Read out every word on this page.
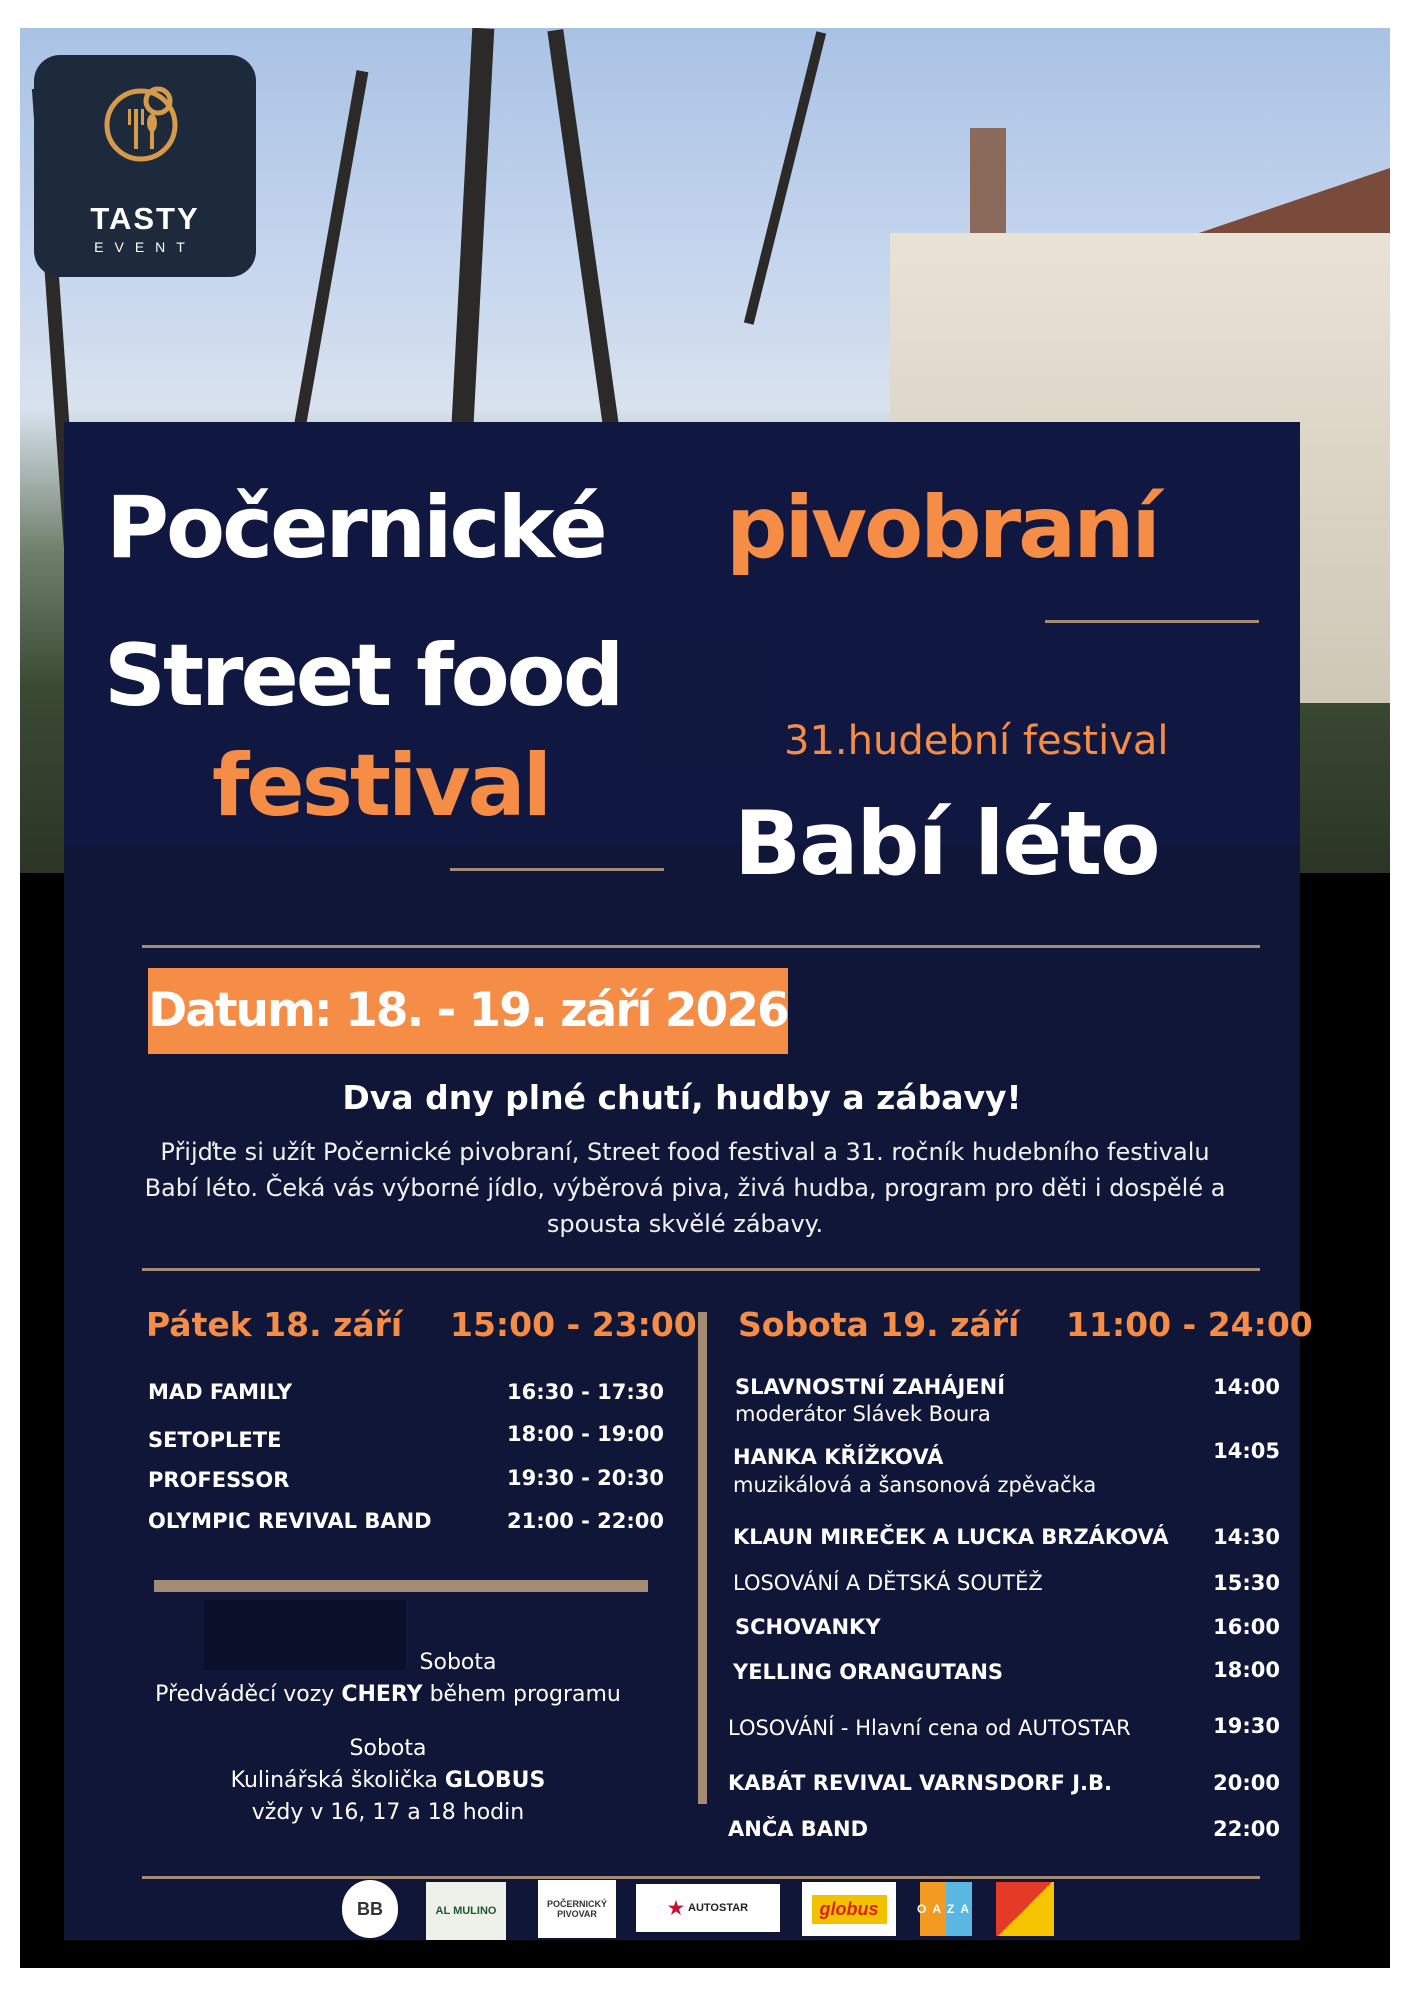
TASTY
EVENT
Počernické pivobraní
Street food
festival	31.hudební festival
Babí léto
Datum: 18. - 19. září 2026
Dva dny plné chutí, hudby a zábavy!
Přijďte si užít Počernické pivobraní, Street food festival a 31. ročník hudebního festivalu
Babí léto. Čeká vás výborné jídlo, výběrová piva, živá hudba, program pro děti i dospělé a
spousta skvělé zábavy.
Pátek 18. září 15:00 - 23:00
MAD FAMILY	16:30 - 17:30
SETOPLETE	18:00 - 19:00
PROFESSOR	19:30 - 20:30
OLYMPIC REVIVAL BAND	21:00 - 22:00
Sobota
Předváděcí vozy CHERY během programu
Sobota
Kulinářská školička GLOBUS
vždy v 16, 17 a 18 hodin
Sobota 19. září 11:00 - 24:00
SLAVNOSTNÍ ZAHÁJENÍ
moderátor Slávek Boura
14:00
HANKA KŘÍŽKOVÁ
muzikálová a šansonová zpěvačka
14:05
KLAUN MIREČEK A LUCKA BRZÁKOVÁ	14:30
LOSOVÁNÍ A DĚTSKÁ SOUTĚŽ	15:30
SCHOVANKY	16:00
YELLING ORANGUTANS	18:00
LOSOVÁNÍ - Hlavní cena od AUTOSTAR	19:30
KABÁT REVIVAL VARNSDORF J.B.	20:00
ANČA BAND	22:00
BB	AL MULINO
POČERNICKÝ PIVOVAR	★ AUTOSTAR	globus	OAZA
